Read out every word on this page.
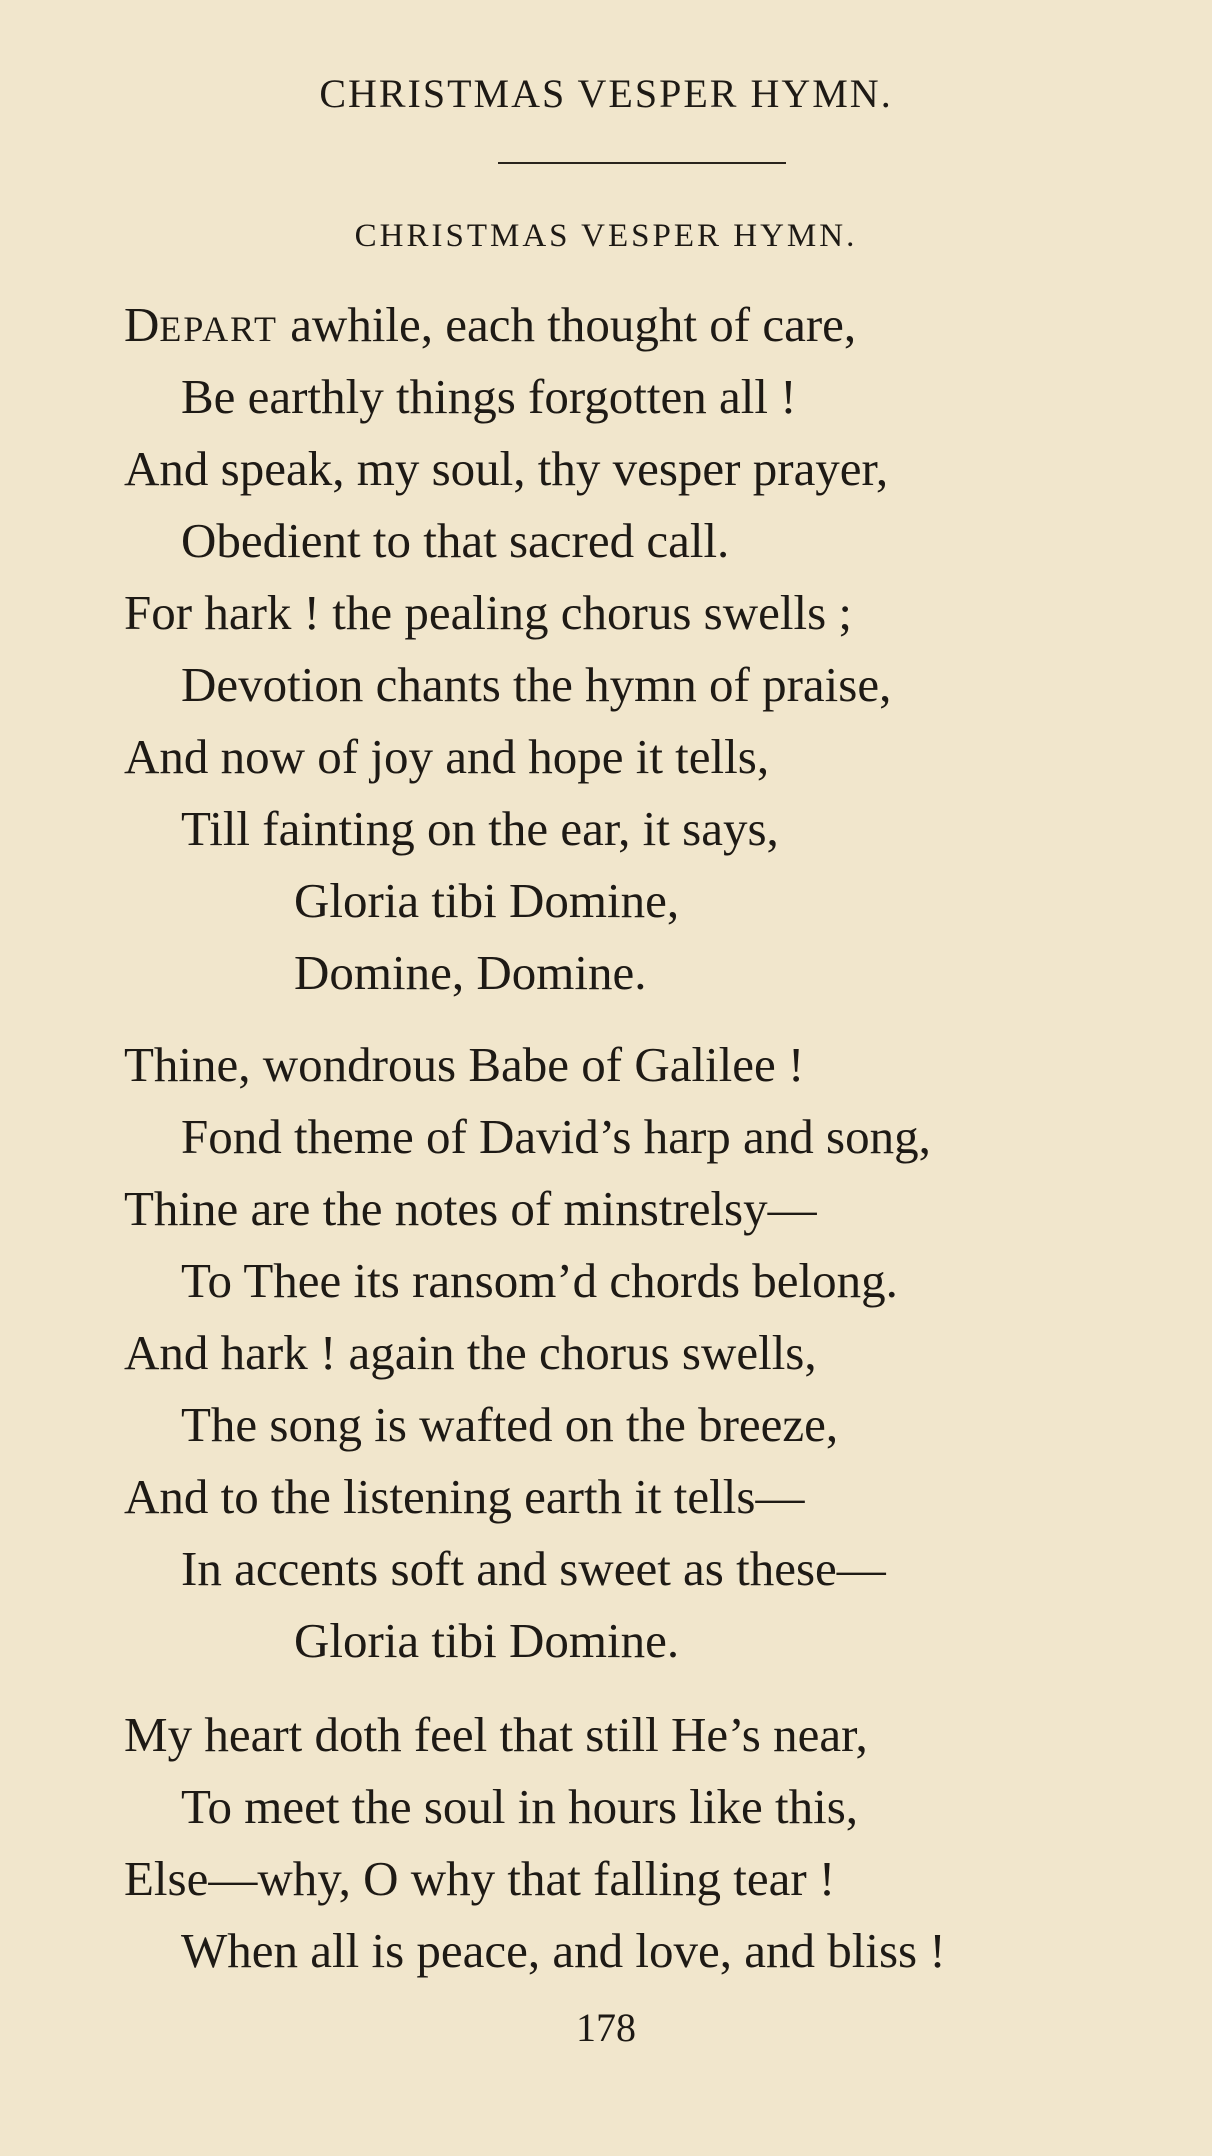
CHRISTMAS VESPER HYMN.
CHRISTMAS VESPER HYMN.
DEPART awhile, each thought of care,
Be earthly things forgotten all !
And speak, my soul, thy vesper prayer,
Obedient to that sacred call.
For hark ! the pealing chorus swells ;
Devotion chants the hymn of praise,
And now of joy and hope it tells,
Till fainting on the ear, it says,
Gloria tibi Domine,
Domine, Domine.
Thine, wondrous Babe of Galilee !
Fond theme of David’s harp and song,
Thine are the notes of minstrelsy—
To Thee its ransom’d chords belong.
And hark ! again the chorus swells,
The song is wafted on the breeze,
And to the listening earth it tells—
In accents soft and sweet as these—
Gloria tibi Domine.
My heart doth feel that still He’s near,
To meet the soul in hours like this,
Else—why, O why that falling tear !
When all is peace, and love, and bliss !
178
